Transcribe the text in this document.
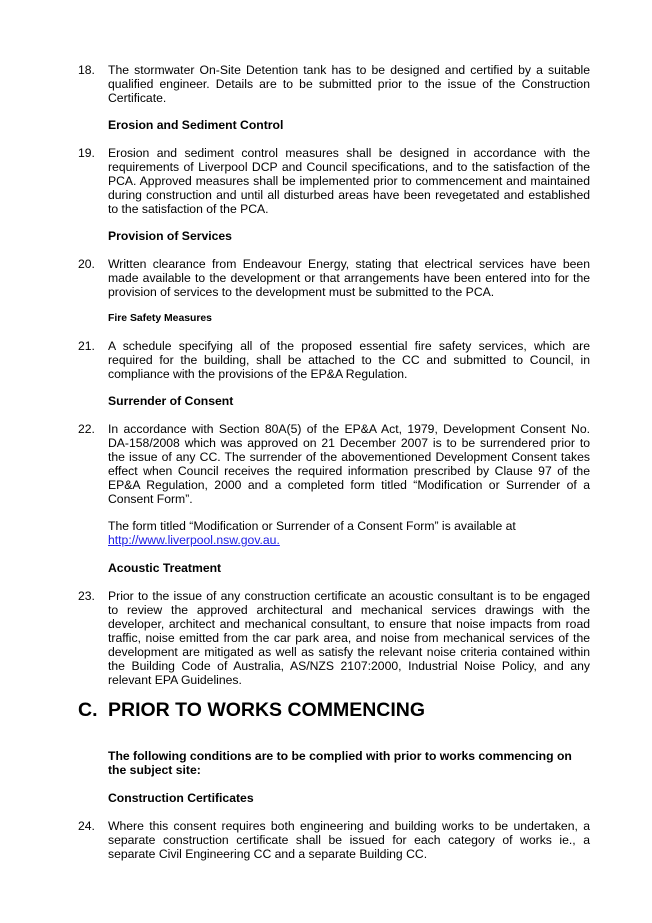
18.	The stormwater On-Site Detention tank has to be designed and certified by a suitable qualified engineer. Details are to be submitted prior to the issue of the Construction Certificate.
Erosion and Sediment Control
19.	Erosion and sediment control measures shall be designed in accordance with the requirements of Liverpool DCP and Council specifications, and to the satisfaction of the PCA. Approved measures shall be implemented prior to commencement and maintained during construction and until all disturbed areas have been revegetated and established to the satisfaction of the PCA.
Provision of Services
20.	Written clearance from Endeavour Energy, stating that electrical services have been made available to the development or that arrangements have been entered into for the provision of services to the development must be submitted to the PCA.
Fire Safety Measures
21.	A schedule specifying all of the proposed essential fire safety services, which are required for the building, shall be attached to the CC and submitted to Council, in compliance with the provisions of the EP&A Regulation.
Surrender of Consent
22.	In accordance with Section 80A(5) of the EP&A Act, 1979, Development Consent No. DA-158/2008 which was approved on 21 December 2007 is to be surrendered prior to the issue of any CC. The surrender of the abovementioned Development Consent takes effect when Council receives the required information prescribed by Clause 97 of the EP&A Regulation, 2000 and a completed form titled “Modification or Surrender of a Consent Form”.
The form titled “Modification or Surrender of a Consent Form” is available at
http://www.liverpool.nsw.gov.au.
Acoustic Treatment
23.	Prior to the issue of any construction certificate an acoustic consultant is to be engaged to review the approved architectural and mechanical services drawings with the developer, architect and mechanical consultant, to ensure that noise impacts from road traffic, noise emitted from the car park area, and noise from mechanical services of the development are mitigated as well as satisfy the relevant noise criteria contained within the Building Code of Australia, AS/NZS 2107:2000, Industrial Noise Policy, and any relevant EPA Guidelines.
C. PRIOR TO WORKS COMMENCING
The following conditions are to be complied with prior to works commencing on the subject site:
Construction Certificates
24.	Where this consent requires both engineering and building works to be undertaken, a separate construction certificate shall be issued for each category of works ie., a separate Civil Engineering CC and a separate Building CC.
